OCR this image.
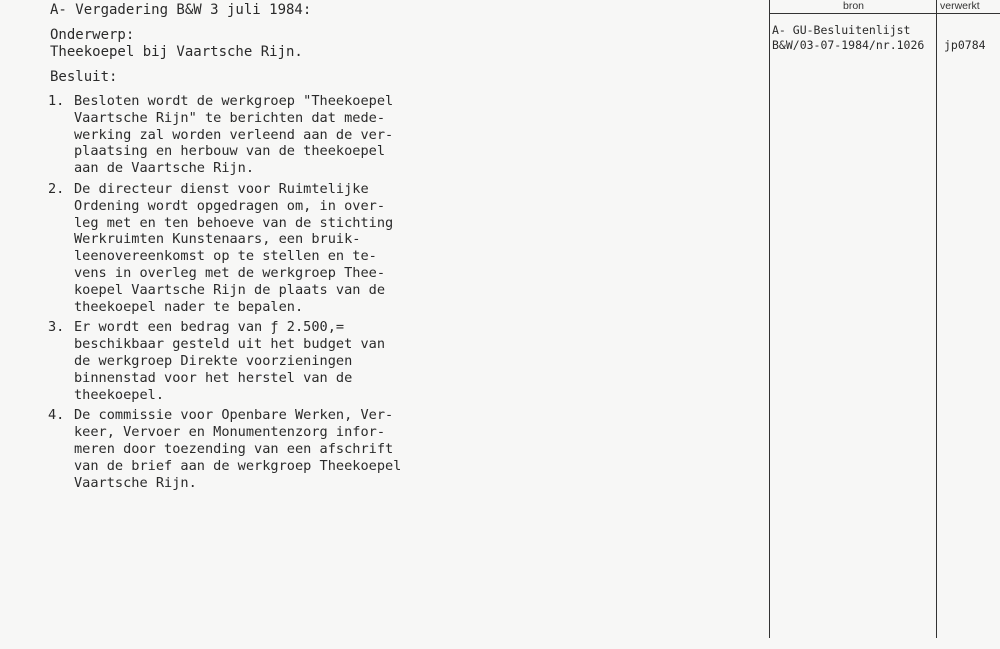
A- Vergadering B&W 3 juli 1984:
Onderwerp:
Theekoepel bij Vaartsche Rijn.
Besluit:
1. Besloten wordt de werkgroep "Theekoepel
Vaartsche Rijn" te berichten dat mede-
werking zal worden verleend aan de ver-
plaatsing en herbouw van de theekoepel
aan de Vaartsche Rijn.
2. De directeur dienst voor Ruimtelijke
Ordening wordt opgedragen om, in over-
leg met en ten behoeve van de stichting
Werkruimten Kunstenaars, een bruik-
leenovereenkomst op te stellen en te-
vens in overleg met de werkgroep Thee-
koepel Vaartsche Rijn de plaats van de
theekoepel nader te bepalen.
3. Er wordt een bedrag van ƒ 2.500,=
beschikbaar gesteld uit het budget van
de werkgroep Direkte voorzieningen
binnenstad voor het herstel van de
theekoepel.
4. De commissie voor Openbare Werken, Ver-
keer, Vervoer en Monumentenzorg infor-
meren door toezending van een afschrift
van de brief aan de werkgroep Theekoepel
Vaartsche Rijn.
bron	verwerkt
A- GU-Besluitenlijst
B&W/03-07-1984/nr.1026 jp0784
